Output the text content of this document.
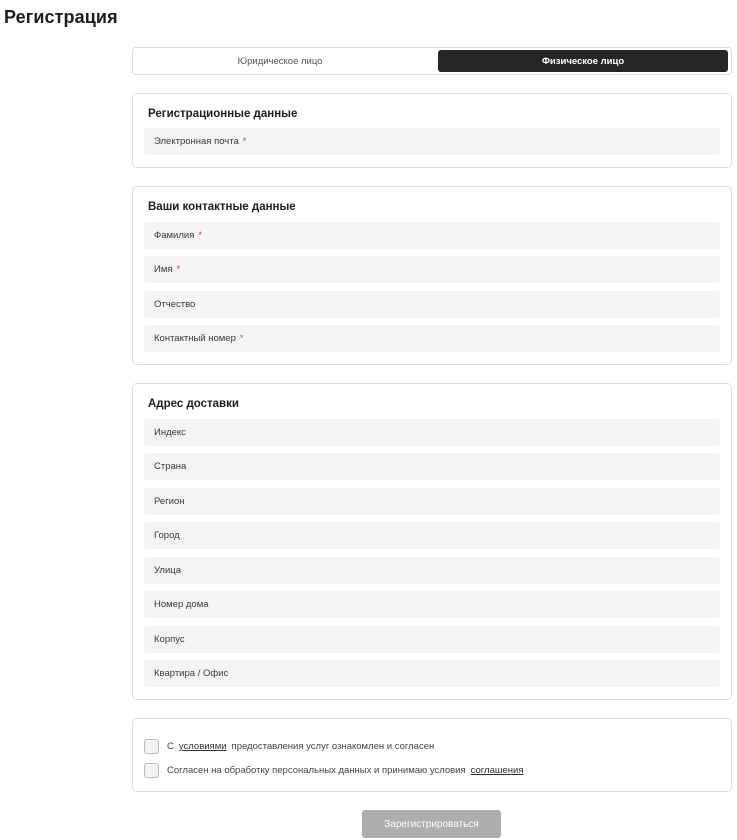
Регистрация
Юридическое лицо	Физическое лицо
Регистрационные данные
Электронная почта *
Ваши контактные данные
Фамилия *
Имя *
Отчество
Контактный номер *
Адрес доставки
Индекс
Страна
Регион
Город
Улица
Номер дома
Корпус
Квартира / Офис
С условиями предоставления услуг ознакомлен и согласен
Согласен на обработку персональных данных и принимаю условия соглашения
Зарегистрироваться
